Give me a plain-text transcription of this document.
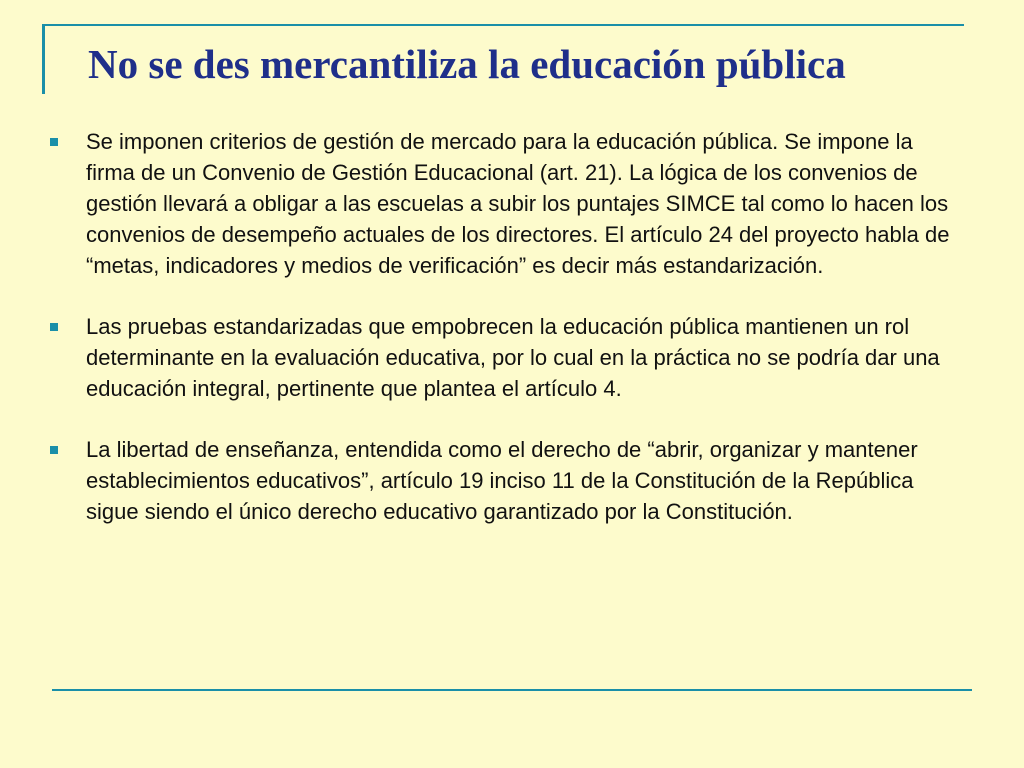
No se des mercantiliza la educación pública
Se imponen criterios de gestión de mercado para la educación pública. Se impone la firma de un Convenio de Gestión Educacional (art. 21). La lógica de los convenios de gestión llevará a obligar a las escuelas a subir los puntajes SIMCE tal como lo hacen los convenios de desempeño actuales de los directores. El artículo 24 del proyecto habla de “metas, indicadores y medios de verificación” es decir más estandarización.
Las pruebas estandarizadas que empobrecen la educación pública mantienen un rol determinante en la evaluación educativa, por lo cual en la práctica no se podría dar una educación integral, pertinente que plantea el artículo 4.
La libertad de enseñanza, entendida como el derecho de “abrir, organizar y mantener establecimientos educativos”, artículo 19 inciso 11 de la Constitución de la República sigue siendo el único derecho educativo garantizado por la Constitución.
